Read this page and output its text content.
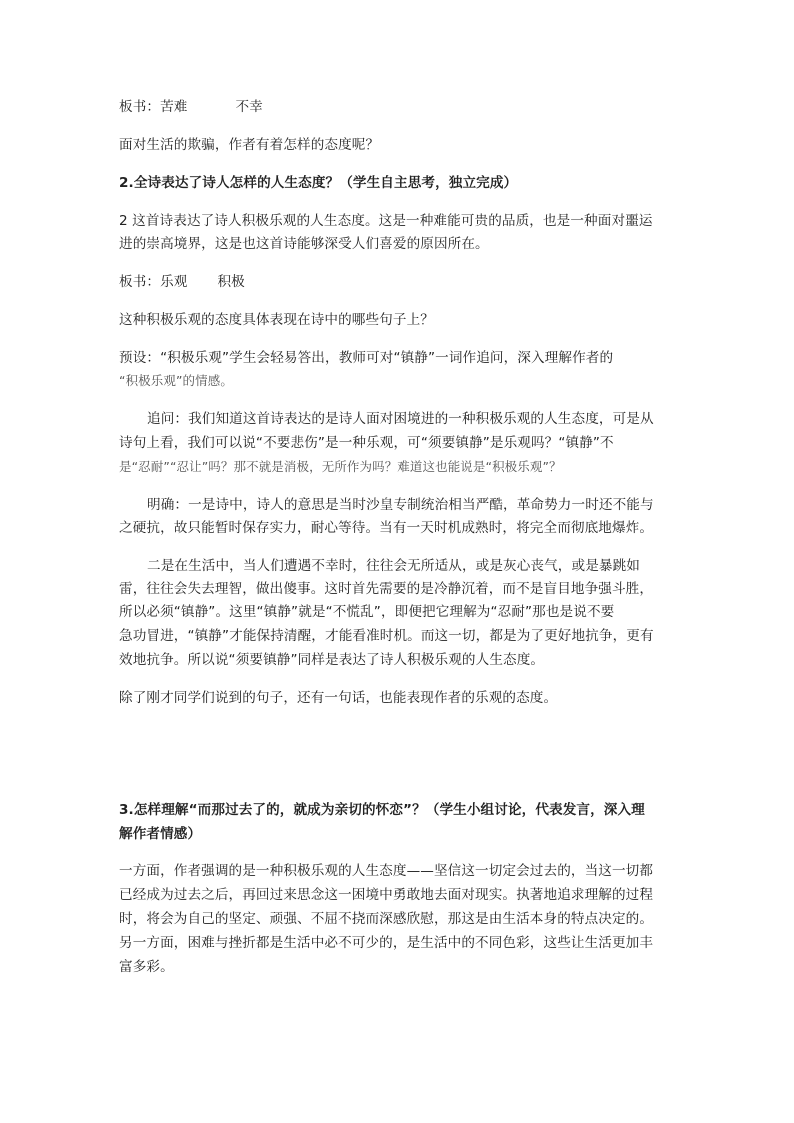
板书：苦难	不幸
面对生活的欺骗，作者有着怎样的态度呢？
2.全诗表达了诗人怎样的人生态度？（学生自主思考，独立完成）
2 这首诗表达了诗人积极乐观的人生态度。这是一种难能可贵的品质，也是一种面对噩运
进的崇高境界，这是也这首诗能够深受人们喜爱的原因所在。
板书：乐观 积极
这种积极乐观的态度具体表现在诗中的哪些句子上？
预设：“积极乐观”学生会轻易答出，教师可对“镇静”一词作追问，深入理解作者的
“积极乐观”的情感。
追问：我们知道这首诗表达的是诗人面对困境进的一种积极乐观的人生态度，可是从
诗句上看，我们可以说“不要悲伤”是一种乐观，可“须要镇静”是乐观吗？“镇静”不
是“忍耐”“忍让”吗？那不就是消极，无所作为吗？难道这也能说是“积极乐观”？
明确：一是诗中，诗人的意思是当时沙皇专制统治相当严酷，革命势力一时还不能与
之硬抗，故只能暂时保存实力，耐心等待。当有一天时机成熟时，将完全而彻底地爆炸。
二是在生活中，当人们遭遇不幸时，往往会无所适从，或是灰心丧气，或是暴跳如
雷，往往会失去理智，做出傻事。这时首先需要的是冷静沉着，而不是盲目地争强斗胜，
所以必须“镇静”。这里“镇静”就是“不慌乱”，即便把它理解为“忍耐”那也是说不要
急功冒进，“镇静”才能保持清醒，才能看准时机。而这一切，都是为了更好地抗争，更有
效地抗争。所以说“须要镇静”同样是表达了诗人积极乐观的人生态度。
除了刚才同学们说到的句子，还有一句话，也能表现作者的乐观的态度。
3.怎样理解“而那过去了的，就成为亲切的怀恋”？（学生小组讨论，代表发言，深入理
解作者情感）
一方面，作者强调的是一种积极乐观的人生态度——坚信这一切定会过去的，当这一切都
已经成为过去之后，再回过来思念这一困境中勇敢地去面对现实。执著地追求理解的过程
时，将会为自己的坚定、顽强、不屈不挠而深感欣慰，那这是由生活本身的特点决定的。
另一方面，困难与挫折都是生活中必不可少的，是生活中的不同色彩，这些让生活更加丰
富多彩。
